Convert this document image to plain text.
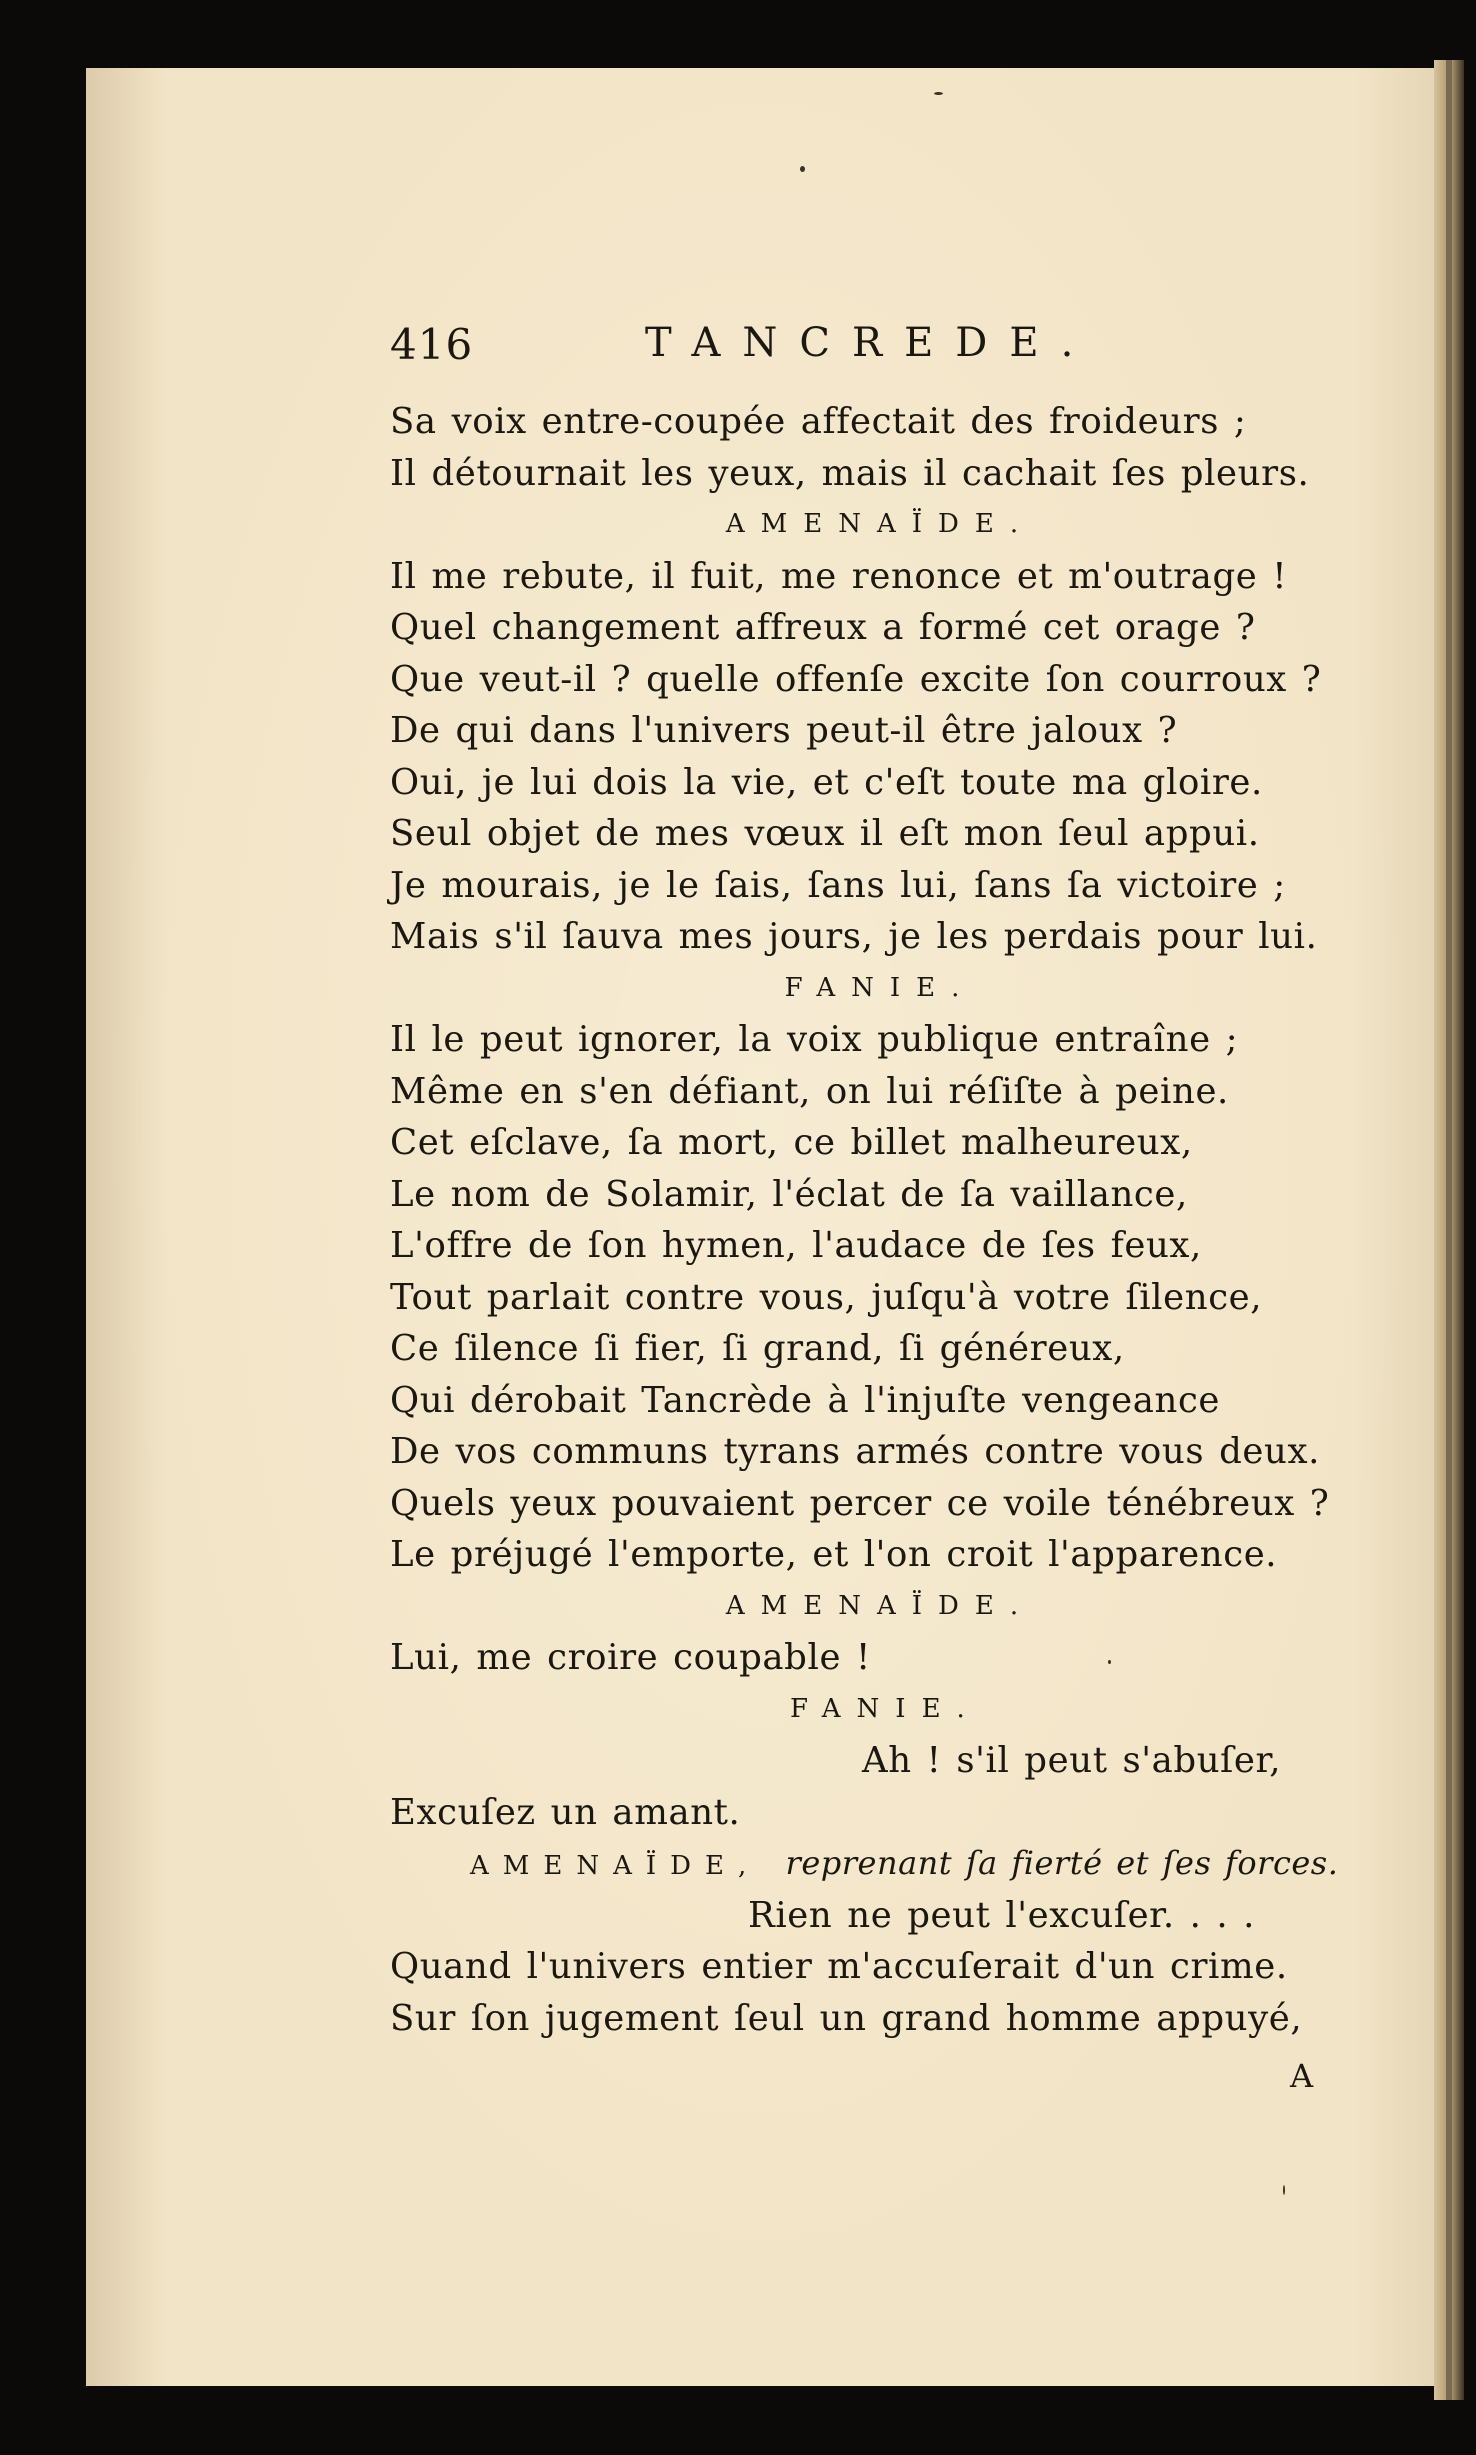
416	TANCREDE.
Sa voix entre-coupée affectait des froideurs ;
Il détournait les yeux, mais il cachait ſes pleurs.
AMENAÏDE.
Il me rebute, il fuit, me renonce et m'outrage !
Quel changement affreux a formé cet orage ?
Que veut-il ? quelle offenſe excite ſon courroux ?
De qui dans l'univers peut-il être jaloux ?
Oui, je lui dois la vie, et c'eſt toute ma gloire.
Seul objet de mes vœux il eſt mon ſeul appui.
Je mourais, je le ſais, ſans lui, ſans ſa victoire ;
Mais s'il ſauva mes jours, je les perdais pour lui.
FANIE.
Il le peut ignorer, la voix publique entraîne ;
Même en s'en défiant, on lui réſiſte à peine.
Cet eſclave, ſa mort, ce billet malheureux,
Le nom de Solamir, l'éclat de ſa vaillance,
L'offre de ſon hymen, l'audace de ſes feux,
Tout parlait contre vous, juſqu'à votre ſilence,
Ce ſilence ſi fier, ſi grand, ſi généreux,
Qui dérobait Tancrède à l'injuſte vengeance
De vos communs tyrans armés contre vous deux.
Quels yeux pouvaient percer ce voile ténébreux ?
Le préjugé l'emporte, et l'on croit l'apparence.
AMENAÏDE.
Lui, me croire coupable !
FANIE.
Ah ! s'il peut s'abuſer,
Excuſez un amant.
AMENAÏDE, reprenant ſa fierté et ſes forces.
Rien ne peut l'excuſer. . . .
Quand l'univers entier m'accuſerait d'un crime.
Sur ſon jugement ſeul un grand homme appuyé,
A
